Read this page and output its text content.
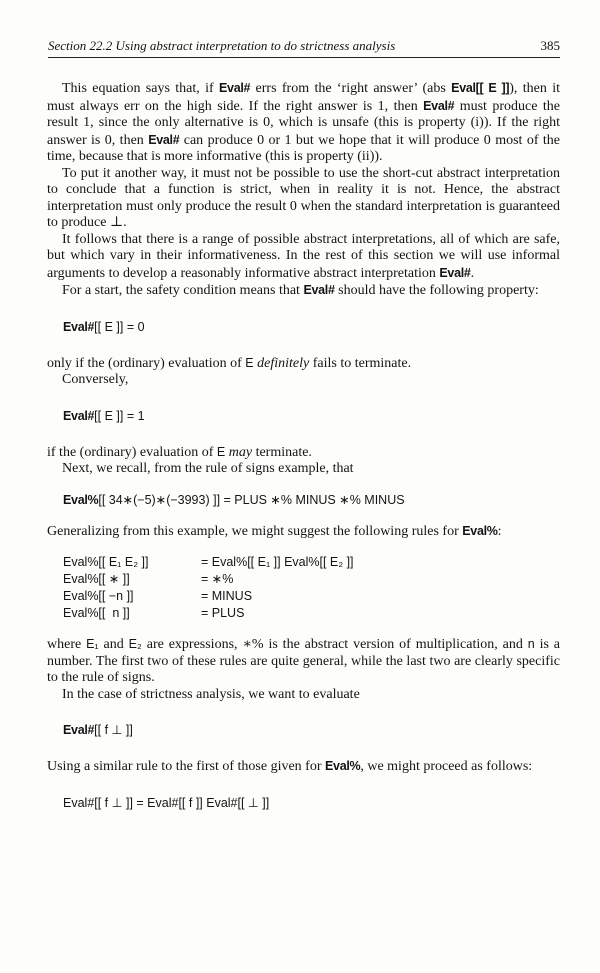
Section 22.2 Using abstract interpretation to do strictness analysis	385

This equation says that, if Eval# errs from the ‘right answer’ (abs Eval[[ E ]]), then it must always err on the high side. If the right answer is 1, then Eval# must produce the result 1, since the only alternative is 0, which is unsafe (this is property (i)). If the right answer is 0, then Eval# can produce 0 or 1 but we hope that it will produce 0 most of the time, because that is more informative (this is property (ii)).

To put it another way, it must not be possible to use the short-cut abstract interpretation to conclude that a function is strict, when in reality it is not. Hence, the abstract interpretation must only produce the result 0 when the standard interpretation is guaranteed to produce ⊥.

It follows that there is a range of possible abstract interpretations, all of which are safe, but which vary in their informativeness. In the rest of this section we will use informal arguments to develop a reasonably informative abstract interpretation Eval#.

For a start, the safety condition means that Eval# should have the following property:

Eval#[[ E ]] = 0

only if the (ordinary) evaluation of E definitely fails to terminate.

Conversely,

Eval#[[ E ]] = 1

if the (ordinary) evaluation of E may terminate.

Next, we recall, from the rule of signs example, that

Eval%[[ 34∗(−5)∗(−3993) ]] = PLUS ∗% MINUS ∗% MINUS

Generalizing from this example, we might suggest the following rules for Eval%:

Eval%[[ E₁ E₂ ]]	= Eval%[[ E₁ ]] Eval%[[ E₂ ]]
Eval%[[ ∗ ]]	= ∗%
Eval%[[ −n ]]	= MINUS
Eval%[[  n ]]	= PLUS

where E₁ and E₂ are expressions, ∗% is the abstract version of multiplication, and n is a number. The first two of these rules are quite general, while the last two are clearly specific to the rule of signs.

In the case of strictness analysis, we want to evaluate

Eval#[[ f ⊥ ]]

Using a similar rule to the first of those given for Eval%, we might proceed as follows:

Eval#[[ f ⊥ ]] = Eval#[[ f ]] Eval#[[ ⊥ ]]
